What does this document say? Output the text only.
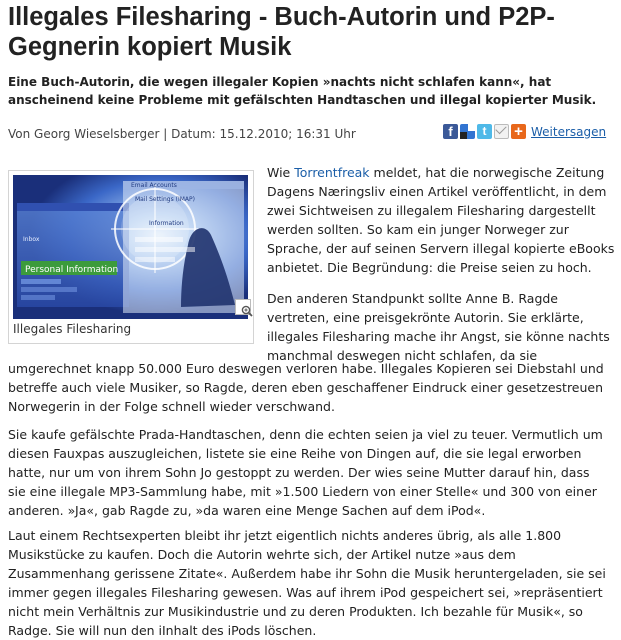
Illegales Filesharing - Buch-Autorin und P2P-Gegnerin kopiert Musik

Eine Buch-Autorin, die wegen illegaler Kopien »nachts nicht schlafen kann«, hat anscheinend keine Probleme mit gefälschten Handtaschen und illegal kopierter Musik.

Von Georg Wieselsberger | Datum: 15.12.2010; 16:31 Uhr	f	t	+ Weitersagen
Personal Information
Email Accounts
Mail Settings (IMAP)
Information
Inbox
Illegales Filesharing
Wie Torrentfreak meldet, hat die norwegische Zeitung
Dagens Næringsliv einen Artikel veröffentlicht, in dem
zwei Sichtweisen zu illegalem Filesharing dargestellt
werden sollten. So kam ein junger Norweger zur
Sprache, der auf seinen Servern illegal kopierte eBooks
anbietet. Die Begründung: die Preise seien zu hoch.
Den anderen Standpunkt sollte Anne B. Ragde
vertreten, eine preisgekrönte Autorin. Sie erklärte,
illegales Filesharing mache ihr Angst, sie könne nachts
manchmal deswegen nicht schlafen, da sie
umgerechnet knapp 50.000 Euro deswegen verloren habe. Illegales Kopieren sei Diebstahl und
betreffe auch viele Musiker, so Ragde, deren eben geschaffener Eindruck einer gesetzestreuen
Norwegerin in der Folge schnell wieder verschwand.
Sie kaufe gefälschte Prada-Handtaschen, denn die echten seien ja viel zu teuer. Vermutlich um
diesen Fauxpas auszugleichen, listete sie eine Reihe von Dingen auf, die sie legal erworben
hatte, nur um von ihrem Sohn Jo gestoppt zu werden. Der wies seine Mutter darauf hin, dass
sie eine illegale MP3-Sammlung habe, mit »1.500 Liedern von einer Stelle« und 300 von einer
anderen. »Ja«, gab Ragde zu, »da waren eine Menge Sachen auf dem iPod«.
Laut einem Rechtsexperten bleibt ihr jetzt eigentlich nichts anderes übrig, als alle 1.800
Musikstücke zu kaufen. Doch die Autorin wehrte sich, der Artikel nutze »aus dem
Zusammenhang gerissene Zitate«. Außerdem habe ihr Sohn die Musik heruntergeladen, sie sei
immer gegen illegales Filesharing gewesen. Was auf ihrem iPod gespeichert sei, »repräsentiert
nicht mein Verhältnis zur Musikindustrie und zu deren Produkten. Ich bezahle für Musik«, so
Radge. Sie will nun den iInhalt des iPods löschen.
